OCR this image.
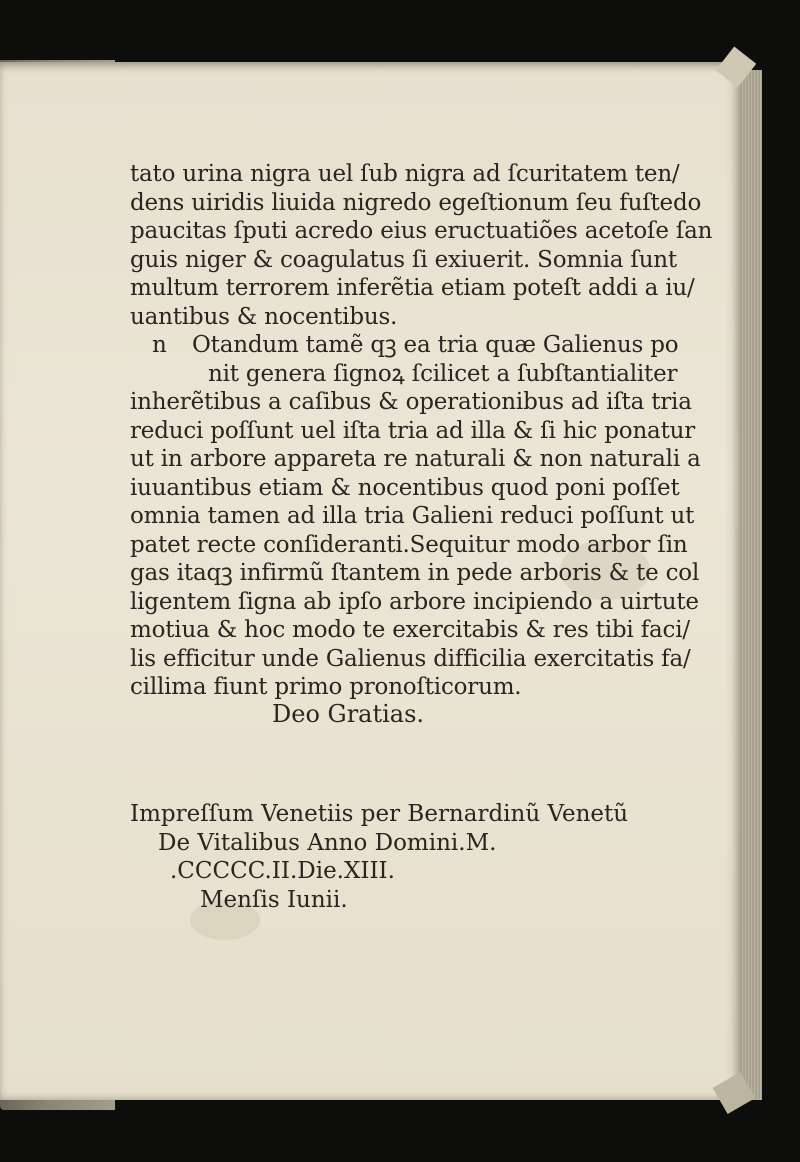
tato urina nigra uel ſub nigra ad ſcuritatem ten/
dens uiridis liuida nigredo egeſtionum ſeu fuſtedo
paucitas ſputi acredo eius eructuatiões acetoſe ſan
guis niger & coagulatus ſi exiuerit. Somnia ſunt
multum terrorem inferẽtia etiam poteſt addi a iu/
uantibus & nocentibus.
n Otandum tamẽ qꝫ ea tria quæ Galienus po
nit genera ſignoꝝ ſcilicet a ſubſtantialiter
inherẽtibus a caſibus & operationibus ad iſta tria
reduci poſſunt uel iſta tria ad illa & ſi hic ponatur
ut in arbore appareta re naturali & non naturali a
iuuantibus etiam & nocentibus quod poni poſſet
omnia tamen ad illa tria Galieni reduci poſſunt ut
patet recte conſideranti.Sequitur modo arbor ſin
gas itaqꝫ infirmũ ſtantem in pede arboris & te col
ligentem ſigna ab ipſo arbore incipiendo a uirtute
motiua & hoc modo te exercitabis & res tibi faci/
lis efficitur unde Galienus difficilia exercitatis fa/
cillima fiunt primo pronoſticorum.
Deo Gratias.
Impreſſum Venetiis per Bernardinũ Venetũ
De Vitalibus Anno Domini.M.
.CCCCC.II.Die.XIII.
Menſis Iunii.
